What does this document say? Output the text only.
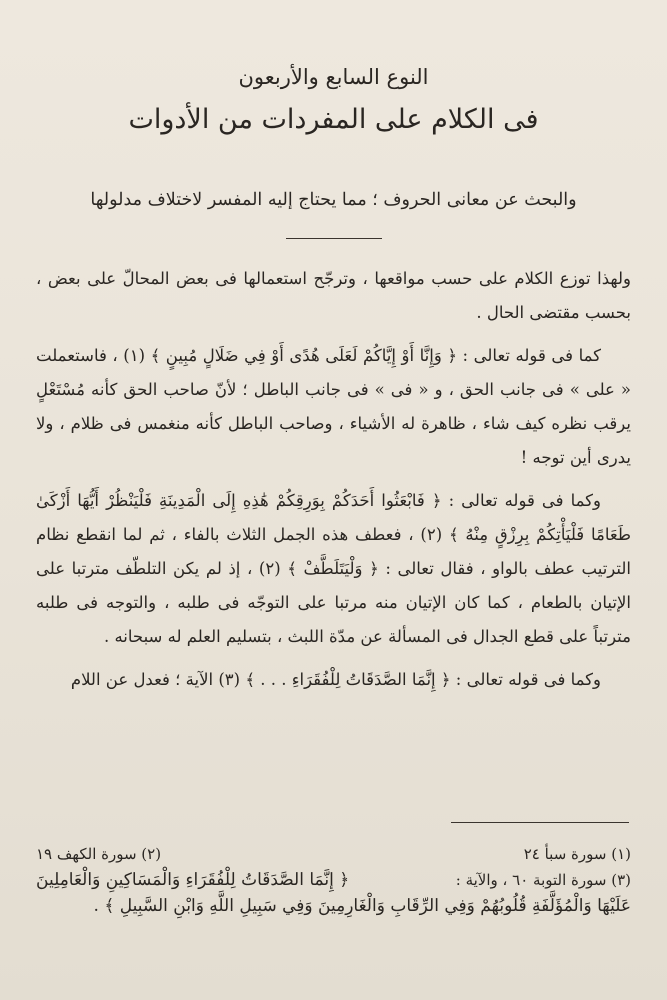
النوع السابع والأربعون
فى الكلام على المفردات من الأدوات
والبحث عن معانى الحروف ؛ مما يحتاج إليه المفسر لاختلاف مدلولها

ولهذا توزع الكلام على حسب مواقعها ، وترجّح استعمالها فى بعض المحالّ على بعض ، بحسب مقتضى الحال .

كما فى قوله تعالى : ﴿ وَإِنَّا أَوْ إِيَّاكُمْ لَعَلَى هُدًى أَوْ فِي ضَلَالٍ مُبِينٍ ﴾ (١) ، فاستعملت « على » فى جانب الحق ، و « فى » فى جانب الباطل ؛ لأنّ صاحب الحق كأنه مُسْتَعْلٍ يرقب نظره كيف شاء ، ظاهرة له الأشياء ، وصاحب الباطل كأنه منغمس فى ظلام ، ولا يدرى أين توجه !

وكما فى قوله تعالى : ﴿ فَابْعَثُوا أَحَدَكُمْ بِوَرِقِكُمْ هَٰذِهِ إِلَى الْمَدِينَةِ فَلْيَنْظُرْ أَيُّهَا أَزْكَىٰ طَعَامًا فَلْيَأْتِكُمْ بِرِزْقٍ مِنْهُ ﴾ (٢) ، فعطف هذه الجمل الثلاث بالفاء ، ثم لما انقطع نظام الترتيب عطف بالواو ، فقال تعالى : ﴿ وَلْيَتَلَطَّفْ ﴾ (٢) ، إذ لم يكن التلطّف مترتبا على الإتيان بالطعام ، كما كان الإتيان منه مرتبا على التوجّه فى طلبه ، والتوجه فى طلبه مترتباً على قطع الجدال فى المسألة عن مدّة اللبث ، بتسليم العلم له سبحانه .

وكما فى قوله تعالى : ﴿ إِنَّمَا الصَّدَقَاتُ لِلْفُقَرَاءِ . . . ﴾ (٣) الآية ؛ فعدل عن اللام

(١) سورة سبأ ٢٤
(٢) سورة الكهف ١٩
(٣) سورة التوبة ٦٠ ، والآية :
﴿ إِنَّمَا الصَّدَقَاتُ لِلْفُقَرَاءِ وَالْمَسَاكِينِ وَالْعَامِلِينَ
عَلَيْهَا وَالْمُؤَلَّفَةِ قُلُوبُهُمْ وَفِي الرِّقَابِ وَالْغَارِمِينَ وَفِي سَبِيلِ اللَّهِ وَابْنِ السَّبِيلِ ﴾ .
